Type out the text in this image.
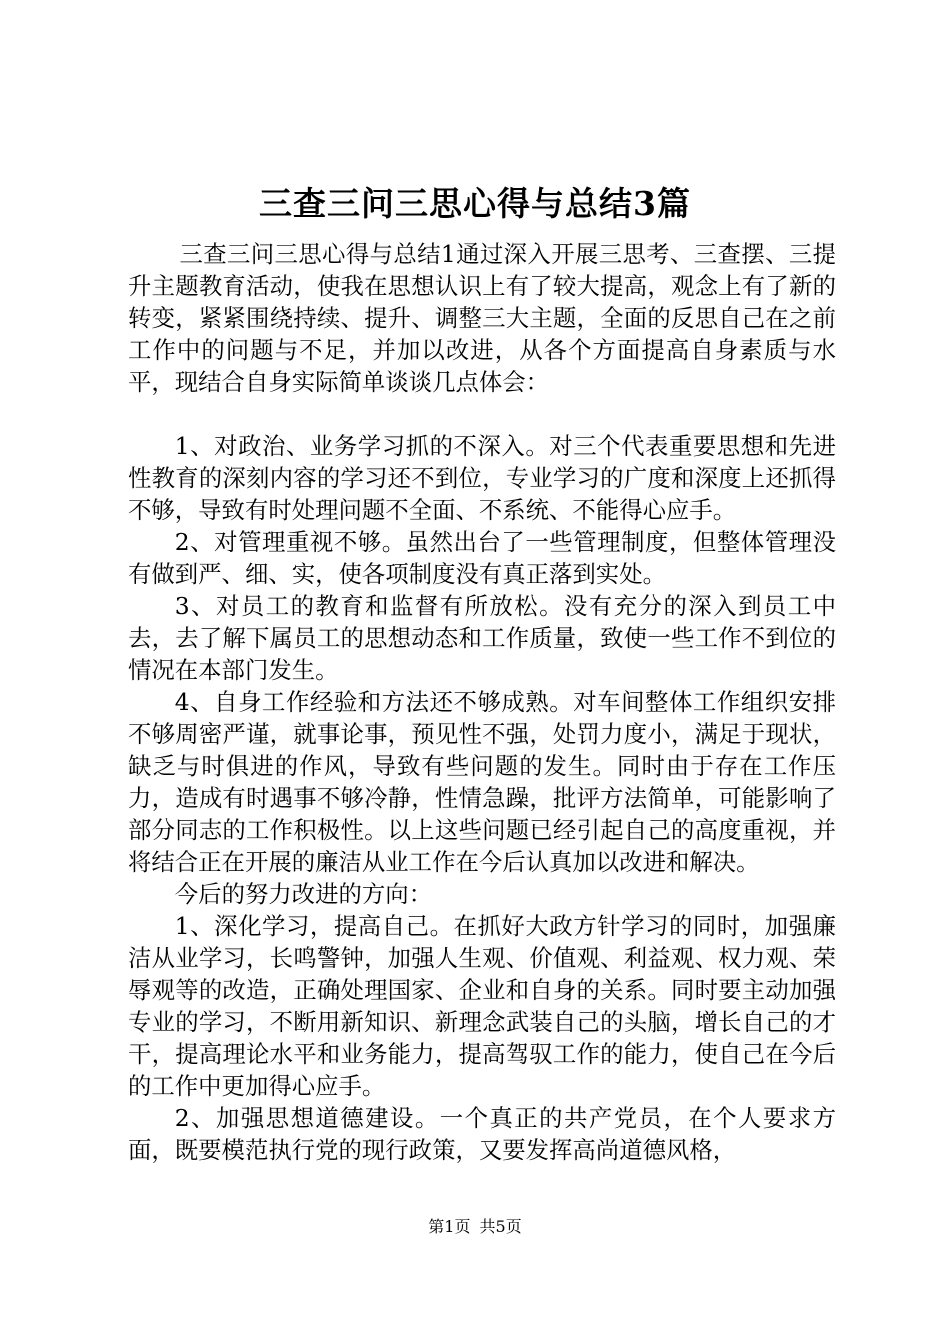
三查三问三思心得与总结3篇

三查三问三思心得与总结1通过深入开展三思考、三查摆、三提升主题教育活动，使我在思想认识上有了较大提高，观念上有了新的转变，紧紧围绕持续、提升、调整三大主题，全面的反思自己在之前工作中的问题与不足，并加以改进，从各个方面提高自身素质与水平，现结合自身实际简单谈谈几点体会：

1、对政治、业务学习抓的不深入。对三个代表重要思想和先进性教育的深刻内容的学习还不到位，专业学习的广度和深度上还抓得不够，导致有时处理问题不全面、不系统、不能得心应手。

2、对管理重视不够。虽然出台了一些管理制度，但整体管理没有做到严、细、实，使各项制度没有真正落到实处。

3、对员工的教育和监督有所放松。没有充分的深入到员工中去，去了解下属员工的思想动态和工作质量，致使一些工作不到位的情况在本部门发生。

4、自身工作经验和方法还不够成熟。对车间整体工作组织安排不够周密严谨，就事论事，预见性不强，处罚力度小，满足于现状，缺乏与时俱进的作风，导致有些问题的发生。同时由于存在工作压力，造成有时遇事不够冷静，性情急躁，批评方法简单，可能影响了部分同志的工作积极性。以上这些问题已经引起自己的高度重视，并将结合正在开展的廉洁从业工作在今后认真加以改进和解决。

今后的努力改进的方向：

1、深化学习，提高自己。在抓好大政方针学习的同时，加强廉洁从业学习，长鸣警钟，加强人生观、价值观、利益观、权力观、荣辱观等的改造，正确处理国家、企业和自身的关系。同时要主动加强专业的学习，不断用新知识、新理念武装自己的头脑，增长自己的才干，提高理论水平和业务能力，提高驾驭工作的能力，使自己在今后的工作中更加得心应手。

2、加强思想道德建设。一个真正的共产党员，在个人要求方面，既要模范执行党的现行政策，又要发挥高尚道德风格，

第1页 共5页
